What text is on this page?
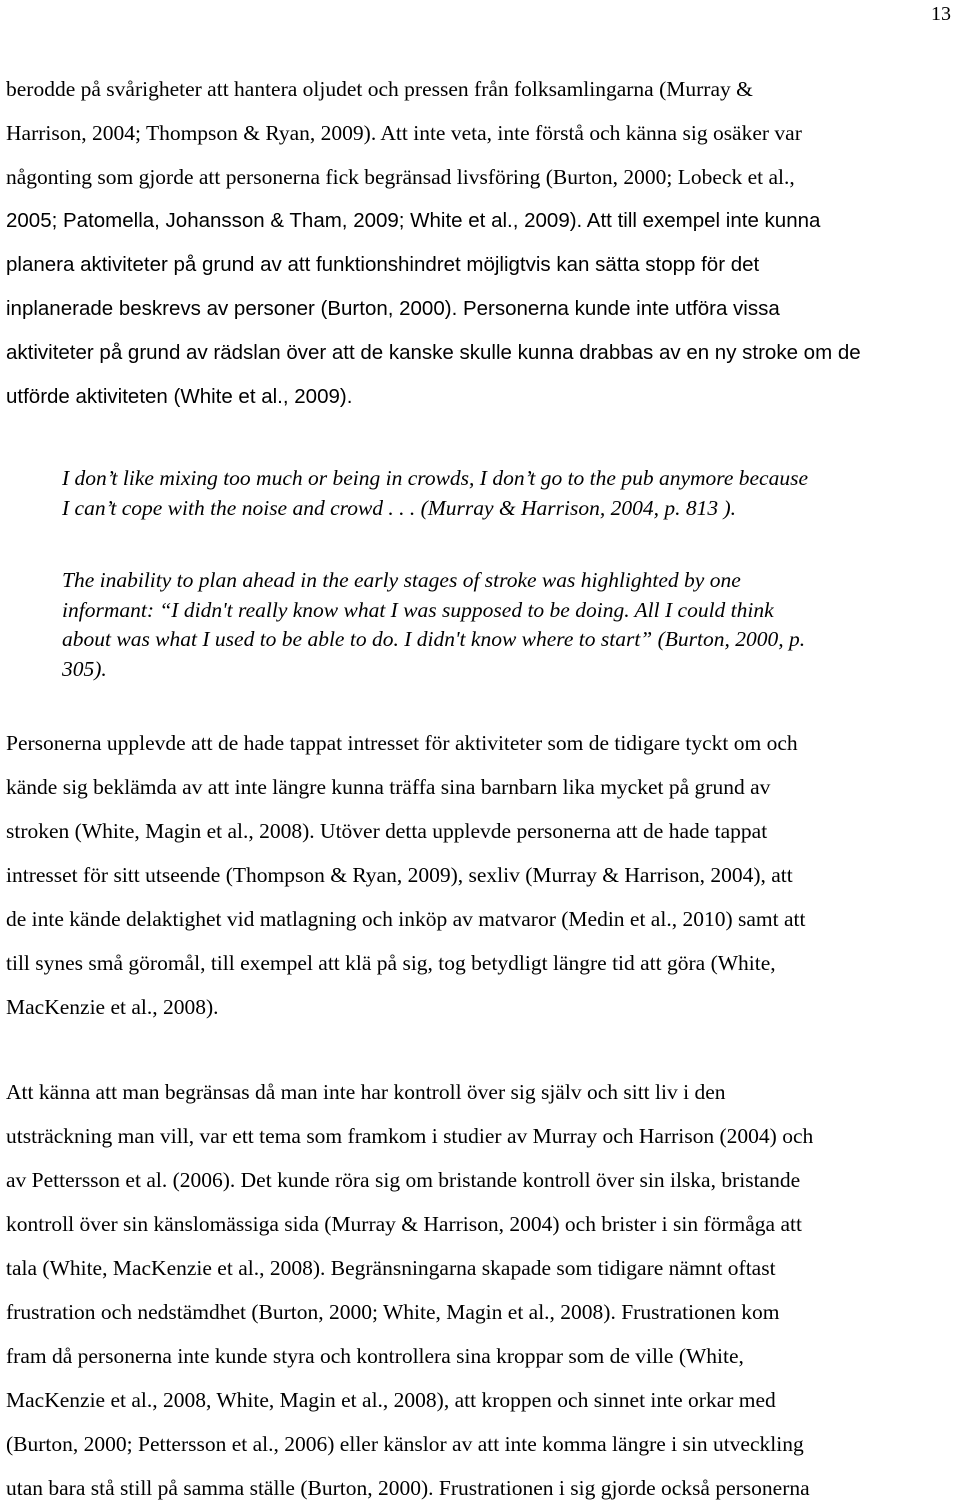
13
berodde på svårigheter att hantera oljudet och pressen från folksamlingarna (Murray &
Harrison, 2004; Thompson & Ryan, 2009). Att inte veta, inte förstå och känna sig osäker var
någonting som gjorde att personerna fick begränsad livsföring (Burton, 2000; Lobeck et al.,
2005; Patomella, Johansson & Tham, 2009; White et al., 2009). Att till exempel inte kunna
planera aktiviteter på grund av att funktionshindret möjligtvis kan sätta stopp för det
inplanerade beskrevs av personer (Burton, 2000). Personerna kunde inte utföra vissa
aktiviteter på grund av rädslan över att de kanske skulle kunna drabbas av en ny stroke om de
utförde aktiviteten (White et al., 2009).
I don’t like mixing too much or being in crowds, I don’t go to the pub anymore because
I can’t cope with the noise and crowd . . . (Murray & Harrison, 2004, p. 813 ).
The inability to plan ahead in the early stages of stroke was highlighted by one
informant: “I didn't really know what I was supposed to be doing. All I could think
about was what I used to be able to do. I didn't know where to start” (Burton, 2000, p.
305).
Personerna upplevde att de hade tappat intresset för aktiviteter som de tidigare tyckt om och
kände sig beklämda av att inte längre kunna träffa sina barnbarn lika mycket på grund av
stroken (White, Magin et al., 2008). Utöver detta upplevde personerna att de hade tappat
intresset för sitt utseende (Thompson & Ryan, 2009), sexliv (Murray & Harrison, 2004), att
de inte kände delaktighet vid matlagning och inköp av matvaror (Medin et al., 2010) samt att
till synes små göromål, till exempel att klä på sig, tog betydligt längre tid att göra (White,
MacKenzie et al., 2008).
Att känna att man begränsas då man inte har kontroll över sig själv och sitt liv i den
utsträckning man vill, var ett tema som framkom i studier av Murray och Harrison (2004) och
av Pettersson et al. (2006). Det kunde röra sig om bristande kontroll över sin ilska, bristande
kontroll över sin känslomässiga sida (Murray & Harrison, 2004) och brister i sin förmåga att
tala (White, MacKenzie et al., 2008). Begränsningarna skapade som tidigare nämnt oftast
frustration och nedstämdhet (Burton, 2000; White, Magin et al., 2008). Frustrationen kom
fram då personerna inte kunde styra och kontrollera sina kroppar som de ville (White,
MacKenzie et al., 2008, White, Magin et al., 2008), att kroppen och sinnet inte orkar med
(Burton, 2000; Pettersson et al., 2006) eller känslor av att inte komma längre i sin utveckling
utan bara stå still på samma ställe (Burton, 2000). Frustrationen i sig gjorde också personerna
